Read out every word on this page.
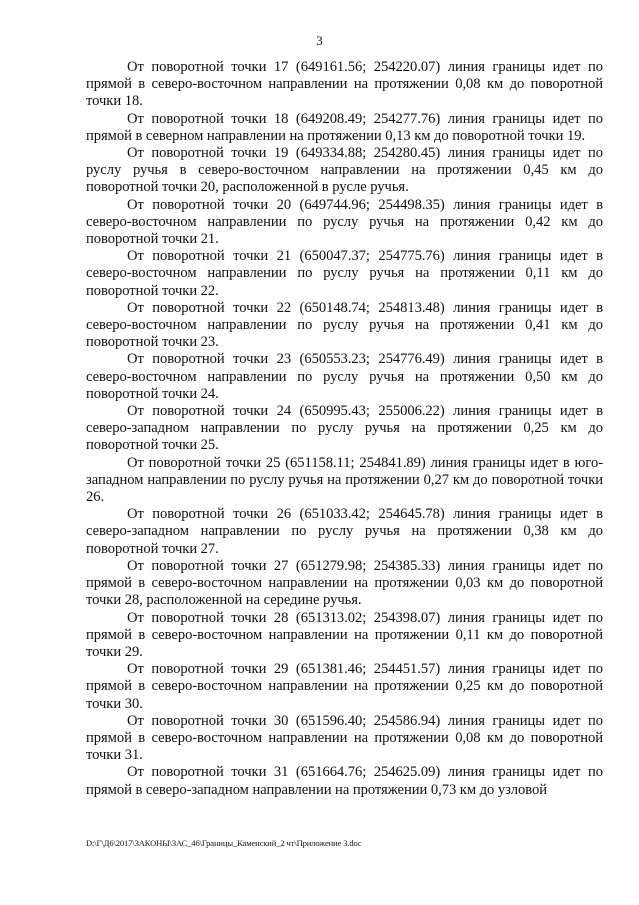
3

От поворотной точки 17 (649161.56; 254220.07) линия границы идет по прямой в северо-восточном направлении на протяжении 0,08 км до поворотной точки 18.

От поворотной точки 18 (649208.49; 254277.76) линия границы идет по прямой в северном направлении на протяжении 0,13 км до поворотной точки 19.

От поворотной точки 19 (649334.88; 254280.45) линия границы идет по руслу ручья в северо-восточном направлении на протяжении 0,45 км до поворотной точки 20, расположенной в русле ручья.

От поворотной точки 20 (649744.96; 254498.35) линия границы идет в северо-восточном направлении по руслу ручья на протяжении 0,42 км до поворотной точки 21.

От поворотной точки 21 (650047.37; 254775.76) линия границы идет в северо-восточном направлении по руслу ручья на протяжении 0,11 км до поворотной точки 22.

От поворотной точки 22 (650148.74; 254813.48) линия границы идет в северо-восточном направлении по руслу ручья на протяжении 0,41 км до поворотной точки 23.

От поворотной точки 23 (650553.23; 254776.49) линия границы идет в северо-восточном направлении по руслу ручья на протяжении 0,50 км до поворотной точки 24.

От поворотной точки 24 (650995.43; 255006.22) линия границы идет в северо-западном направлении по руслу ручья на протяжении 0,25 км до поворотной точки 25.

От поворотной точки 25 (651158.11; 254841.89) линия границы идет в юго-западном направлении по руслу ручья на протяжении 0,27 км до поворотной точки 26.

От поворотной точки 26 (651033.42; 254645.78) линия границы идет в северо-западном направлении по руслу ручья на протяжении 0,38 км до поворотной точки 27.

От поворотной точки 27 (651279.98; 254385.33) линия границы идет по прямой в северо-восточном направлении на протяжении 0,03 км до поворотной точки 28, расположенной на середине ручья.

От поворотной точки 28 (651313.02; 254398.07) линия границы идет по прямой в северо-восточном направлении на протяжении 0,11 км до поворотной точки 29.

От поворотной точки 29 (651381.46; 254451.57) линия границы идет по прямой в северо-восточном направлении на протяжении 0,25 км до поворотной точки 30.

От поворотной точки 30 (651596.40; 254586.94) линия границы идет по прямой в северо-восточном направлении на протяжении 0,08 км до поворотной точки 31.

От поворотной точки 31 (651664.76; 254625.09) линия границы идет по прямой в северо-западном направлении на протяжении 0,73 км до узловой

D:\Г\Д6\2017\ЗАКОНЫ\ЗАС_46\Границы_Каменский_2 чт\Приложение 3.doc
